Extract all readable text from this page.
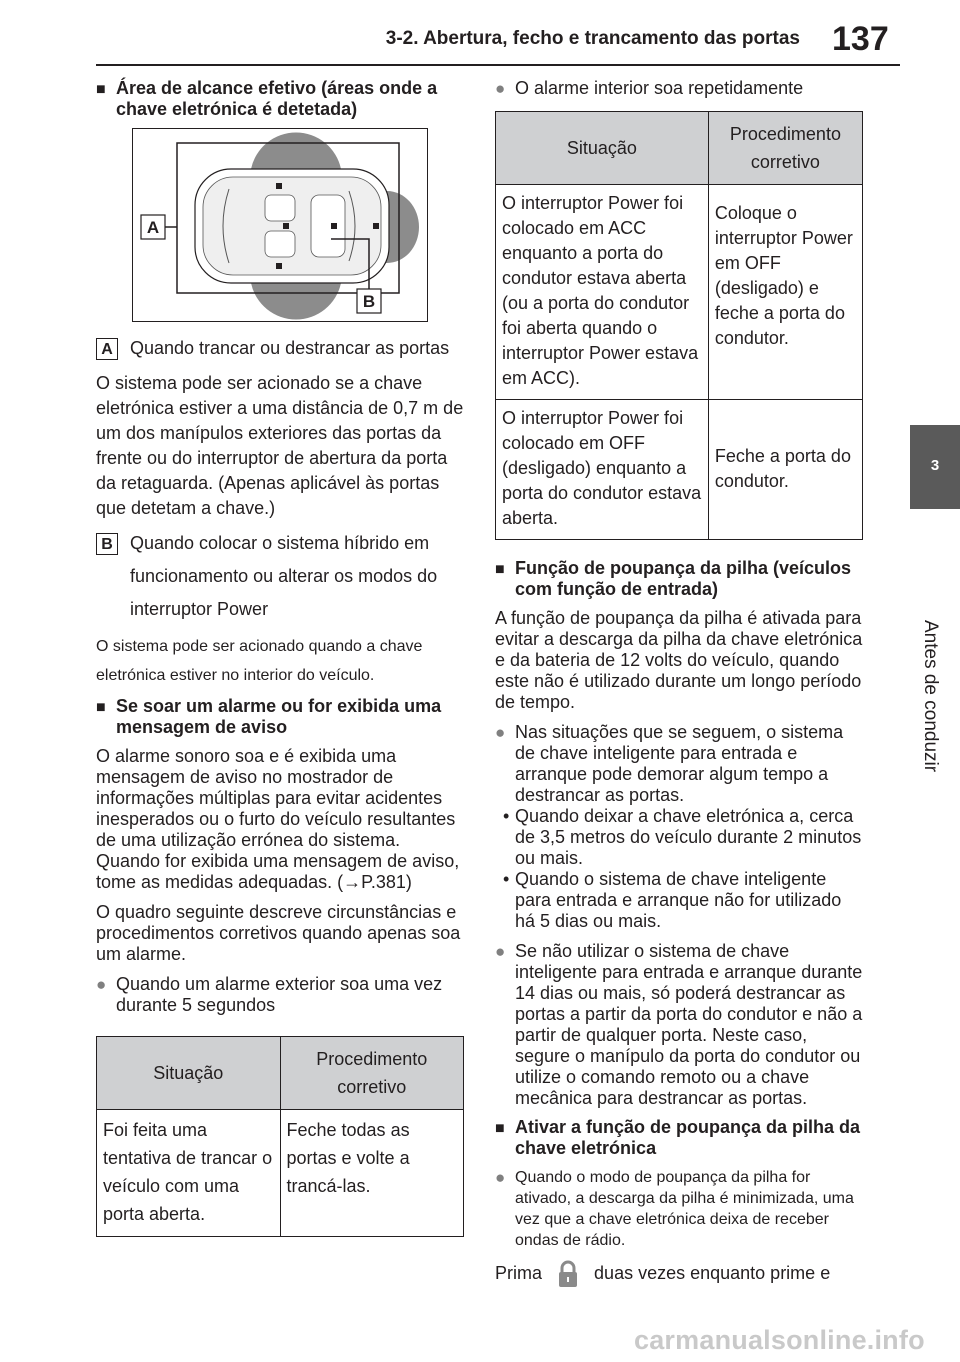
3-2. Abertura, fecho e trancamento das portas 137
3
Antes de conduzir
■ Área de alcance efetivo (áreas onde a chave eletrónica é detetada)
A
B
A Quando trancar ou destrancar as portas
O sistema pode ser acionado se a chave eletrónica estiver a uma distância de 0,7 m de um dos manípulos exteriores das portas da frente ou do interruptor de abertura da porta da retaguarda. (Apenas aplicável às portas que detetam a chave.)
B Quando colocar o sistema híbrido em funcionamento ou alterar os modos do interruptor Power
O sistema pode ser acionado quando a chave eletrónica estiver no interior do veículo.
■ Se soar um alarme ou for exibida uma mensagem de aviso
O alarme sonoro soa e é exibida uma mensagem de aviso no mostrador de informações múltiplas para evitar acidentes inesperados ou o furto do veículo resultantes de uma utilização errónea do sistema. Quando for exibida uma mensagem de aviso, tome as medidas adequadas. (→P.381)
O quadro seguinte descreve circunstâncias e procedimentos corretivos quando apenas soa um alarme.
● Quando um alarme exterior soa uma vez durante 5 segundos
Situação	Procedimento corretivo
Foi feita uma tentativa de trancar o veículo com uma porta aberta.	Feche todas as portas e volte a trancá-las.
● O alarme interior soa repetidamente
Situação	Procedimento corretivo
O interruptor Power foi colocado em ACC enquanto a porta do condutor estava aberta (ou a porta do condutor foi aberta quando o interruptor Power estava em ACC).	Coloque o interruptor Power em OFF (desligado) e feche a porta do condutor.
O interruptor Power foi colocado em OFF (desligado) enquanto a porta do condutor estava aberta.	Feche a porta do condutor.
■ Função de poupança da pilha (veículos com função de entrada)
A função de poupança da pilha é ativada para evitar a descarga da pilha da chave eletrónica e da bateria de 12 volts do veículo, quando este não é utilizado durante um longo período de tempo.
● Nas situações que se seguem, o sistema de chave inteligente para entrada e arranque pode demorar algum tempo a destrancar as portas.
• Quando deixar a chave eletrónica a, cerca de 3,5 metros do veículo durante 2 minutos ou mais.
• Quando o sistema de chave inteligente para entrada e arranque não for utilizado há 5 dias ou mais.
● Se não utilizar o sistema de chave inteligente para entrada e arranque durante 14 dias ou mais, só poderá destrancar as portas a partir da porta do condutor e não a partir de qualquer porta. Neste caso, segure o manípulo da porta do condutor ou utilize o comando remoto ou a chave mecânica para destrancar as portas.
■ Ativar a função de poupança da pilha da chave eletrónica
● Quando o modo de poupança da pilha for ativado, a descarga da pilha é minimizada, uma vez que a chave eletrónica deixa de receber ondas de rádio.
Prima	duas vezes enquanto prime e
carmanualsonline.info
